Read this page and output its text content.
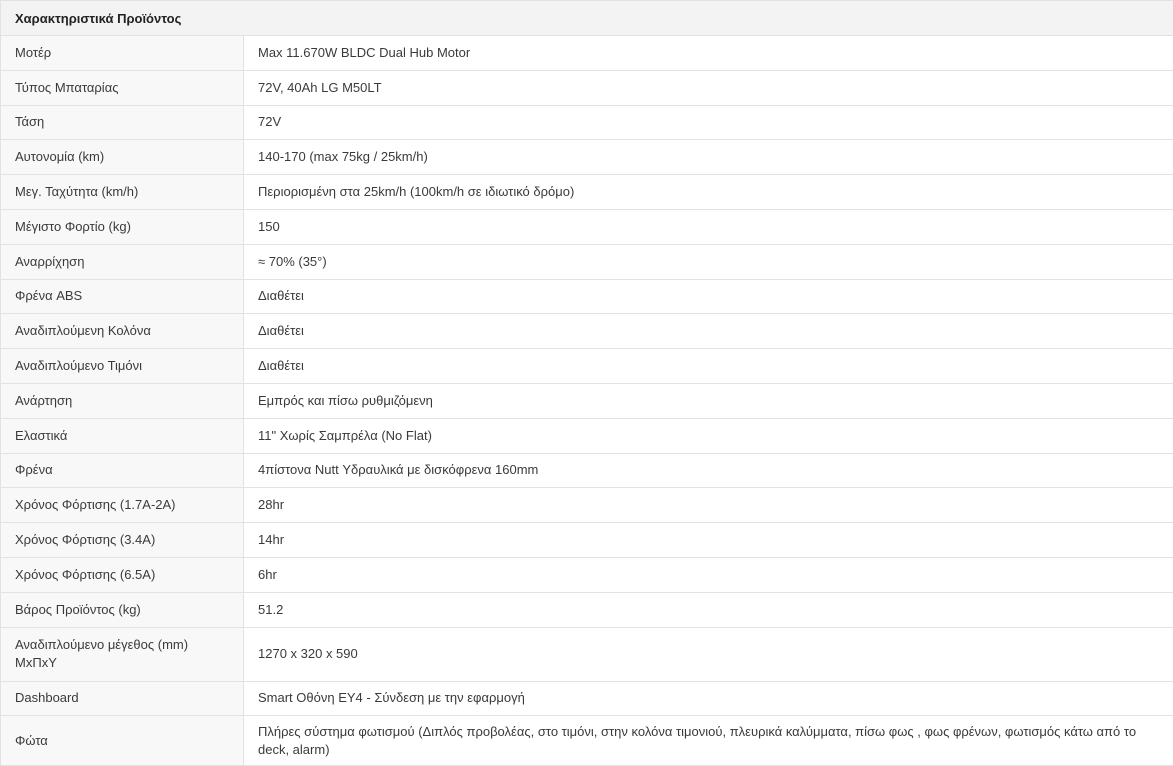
Χαρακτηριστικά Προϊόντος	
Μοτέρ	Max 11.670W BLDC Dual Hub Motor
Τύπος Μπαταρίας	72V, 40Ah LG M50LT
Τάση	72V
Αυτονομία (km)	140-170 (max 75kg / 25km/h)
Μεγ. Ταχύτητα (km/h)	Περιορισμένη στα 25km/h (100km/h σε ιδιωτικό δρόμο)
Μέγιστο Φορτίο (kg)	150
Αναρρίχηση	≈ 70% (35°)
Φρένα ABS	Διαθέτει
Αναδιπλούμενη Κολόνα	Διαθέτει
Αναδιπλούμενο Τιμόνι	Διαθέτει
Ανάρτηση	Εμπρός και πίσω ρυθμιζόμενη
Ελαστικά	11" Χωρίς Σαμπρέλα (No Flat)
Φρένα	4πίστονα Nutt Υδραυλικά με δισκόφρενα 160mm
Χρόνος Φόρτισης (1.7A-2A)	28hr
Χρόνος Φόρτισης (3.4A)	14hr
Χρόνος Φόρτισης (6.5A)	6hr
Βάρος Προϊόντος (kg)	51.2
Αναδιπλούμενο μέγεθος (mm) ΜxΠxΥ	1270 x 320 x 590
Dashboard	Smart Οθόνη EY4 - Σύνδεση με την εφαρμογή
Φώτα	Πλήρες σύστημα φωτισμού (Διπλός προβολέας, στο τιμόνι, στην κολόνα τιμονιού, πλευρικά καλύμματα, πίσω φως , φως φρένων, φωτισμός κάτω από το deck, alarm)
